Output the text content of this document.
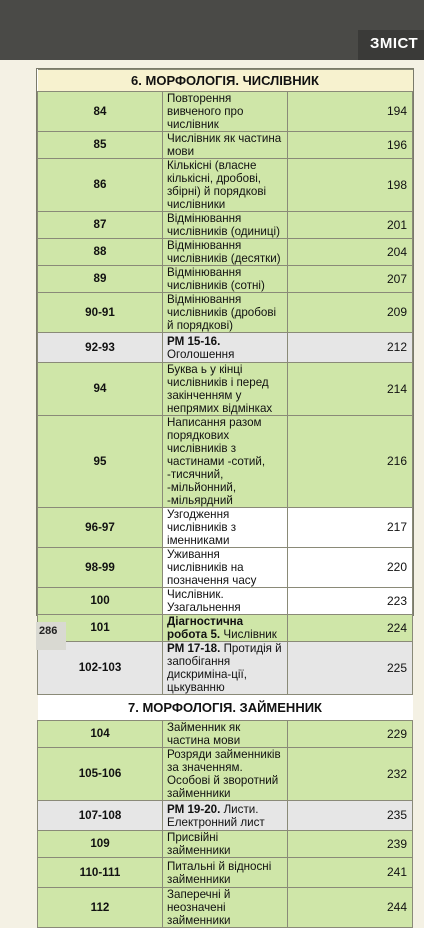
ЗМІСТ
6. МОРФОЛОГІЯ. ЧИСЛІВНИК		
84	Повторення вивченого про числівник	194
85	Числівник як частина мови	196
86	Кількісні (власне кількісні, дробові, збірні) й порядкові числівники	198
87	Відмінювання числівників (одиниці)	201
88	Відмінювання числівників (десятки)	204
89	Відмінювання числівників (сотні)	207
90-91	Відмінювання числівників (дробові й порядкові)	209
92-93	РМ 15-16. Оголошення	212
94	Буква ь у кінці числівників і перед закінченням у непрямих відмінках	214
95	Написання разом порядкових числівників з частинами -сотий, -тисячний, -мільйонний, -мільярдний	216
96-97	Узгодження числівників з іменниками	217
98-99	Уживання числівників на позначення часу	220
100	Числівник. Узагальнення	223
101	Діагностична робота 5. Числівник	224
102-103	РМ 17-18. Протидія й запобігання дискриміна-ції, цькуванню	225
7. МОРФОЛОГІЯ. ЗАЙМЕННИК		
104	Займенник як частина мови	229
105-106	Розряди займенників за значенням. Особові й зворотний займенники	232
107-108	РМ 19-20. Листи. Електронний лист	235
109	Присвійні займенники	239
110-111	Питальні й відносні займенники	241
112	Заперечні й неозначені займенники	244
286
